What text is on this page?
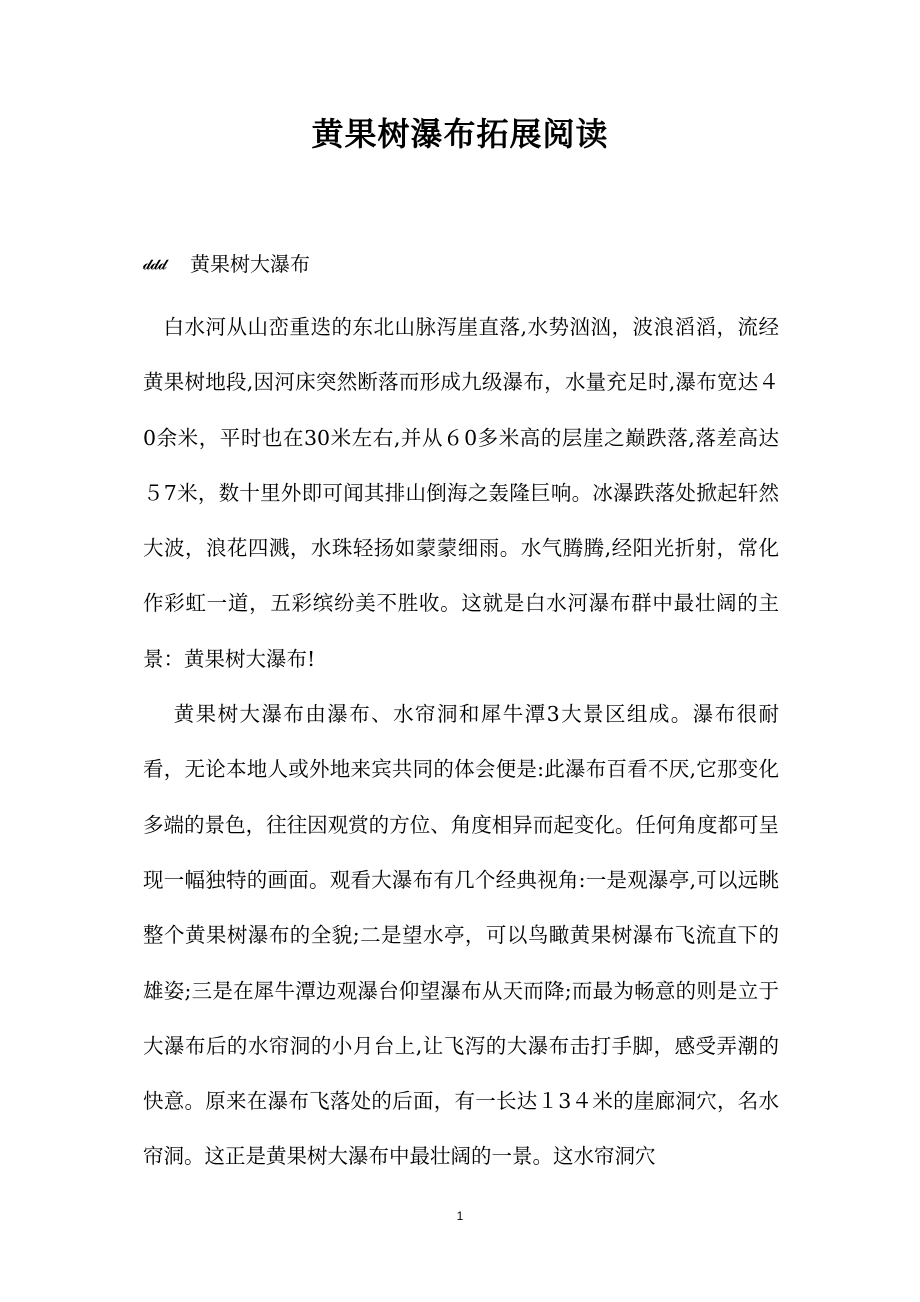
黄果树瀑布拓展阅读
𝓭𝓭𝓭 黄果树大瀑布

白水河从山峦重迭的东北山脉泻崖直落,水势汹汹，波浪滔滔，流经黄果树地段,因河床突然断落而形成九级瀑布，水量充足时,瀑布宽达４0余米，平时也在30米左右,并从６0多米高的层崖之巅跌落,落差高达５7米，数十里外即可闻其排山倒海之轰隆巨响。冰瀑跌落处掀起轩然大波，浪花四溅，水珠轻扬如蒙蒙细雨。水气腾腾,经阳光折射，常化作彩虹一道，五彩缤纷美不胜收。这就是白水河瀑布群中最壮阔的主景：黄果树大瀑布!

黄果树大瀑布由瀑布、水帘洞和犀牛潭3大景区组成。瀑布很耐看，无论本地人或外地来宾共同的体会便是:此瀑布百看不厌,它那变化多端的景色，往往因观赏的方位、角度相异而起变化。任何角度都可呈现一幅独特的画面。观看大瀑布有几个经典视角:一是观瀑亭,可以远眺整个黄果树瀑布的全貌;二是望水亭，可以鸟瞰黄果树瀑布飞流直下的雄姿;三是在犀牛潭边观瀑台仰望瀑布从天而降;而最为畅意的则是立于大瀑布后的水帘洞的小月台上,让飞泻的大瀑布击打手脚，感受弄潮的快意。原来在瀑布飞落处的后面，有一长达１3４米的崖廊洞穴，名水帘洞。这正是黄果树大瀑布中最壮阔的一景。这水帘洞穴

1
